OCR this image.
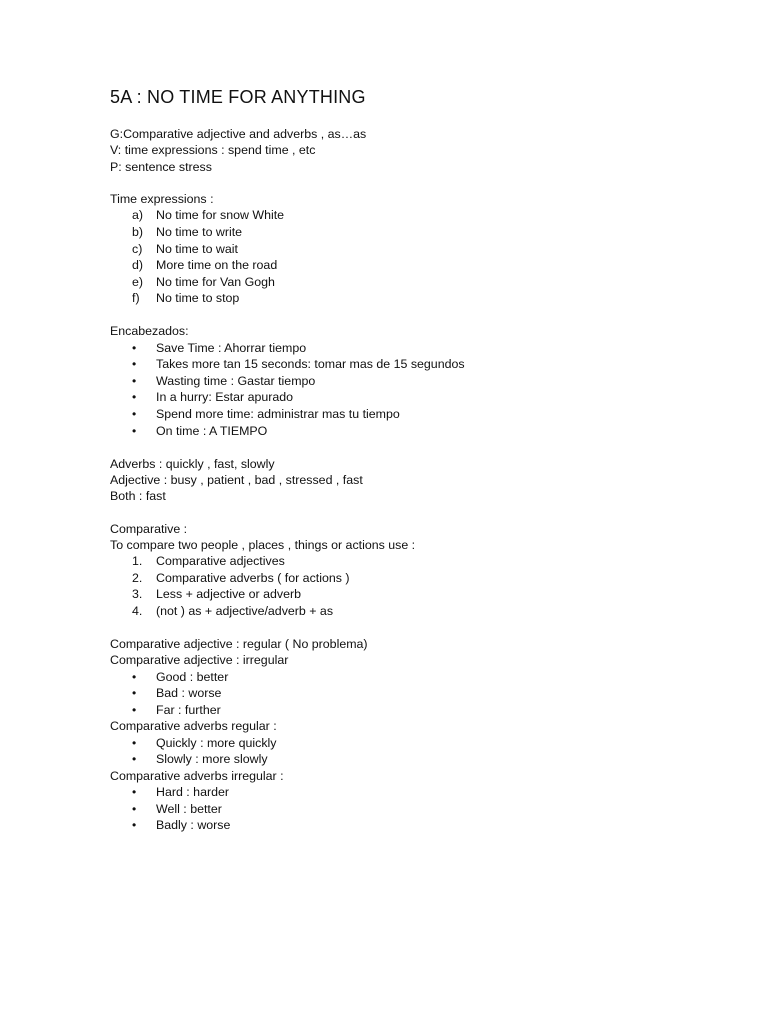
5A : NO TIME FOR ANYTHING
G:Comparative adjective and adverbs , as…as
V: time expressions : spend time , etc
P: sentence stress
Time expressions :
a) No time for snow White
b) No time to write
c) No time to wait
d) More time on the road
e) No time for Van Gogh
f) No time to stop
Encabezados:
• Save Time : Ahorrar tiempo
• Takes more tan 15 seconds: tomar mas de 15 segundos
• Wasting time : Gastar tiempo
• In a hurry: Estar apurado
• Spend more time: administrar mas tu tiempo
• On time : A TIEMPO
Adverbs : quickly , fast, slowly
Adjective : busy , patient , bad , stressed , fast
Both : fast
Comparative :
To compare two people , places , things or actions use :
1. Comparative adjectives
2. Comparative adverbs ( for actions )
3. Less + adjective or adverb
4. (not ) as + adjective/adverb + as
Comparative adjective : regular ( No problema)
Comparative adjective : irregular
• Good : better
• Bad : worse
• Far : further
Comparative adverbs regular :
• Quickly : more quickly
• Slowly : more slowly
Comparative adverbs irregular :
• Hard : harder
• Well : better
• Badly : worse
